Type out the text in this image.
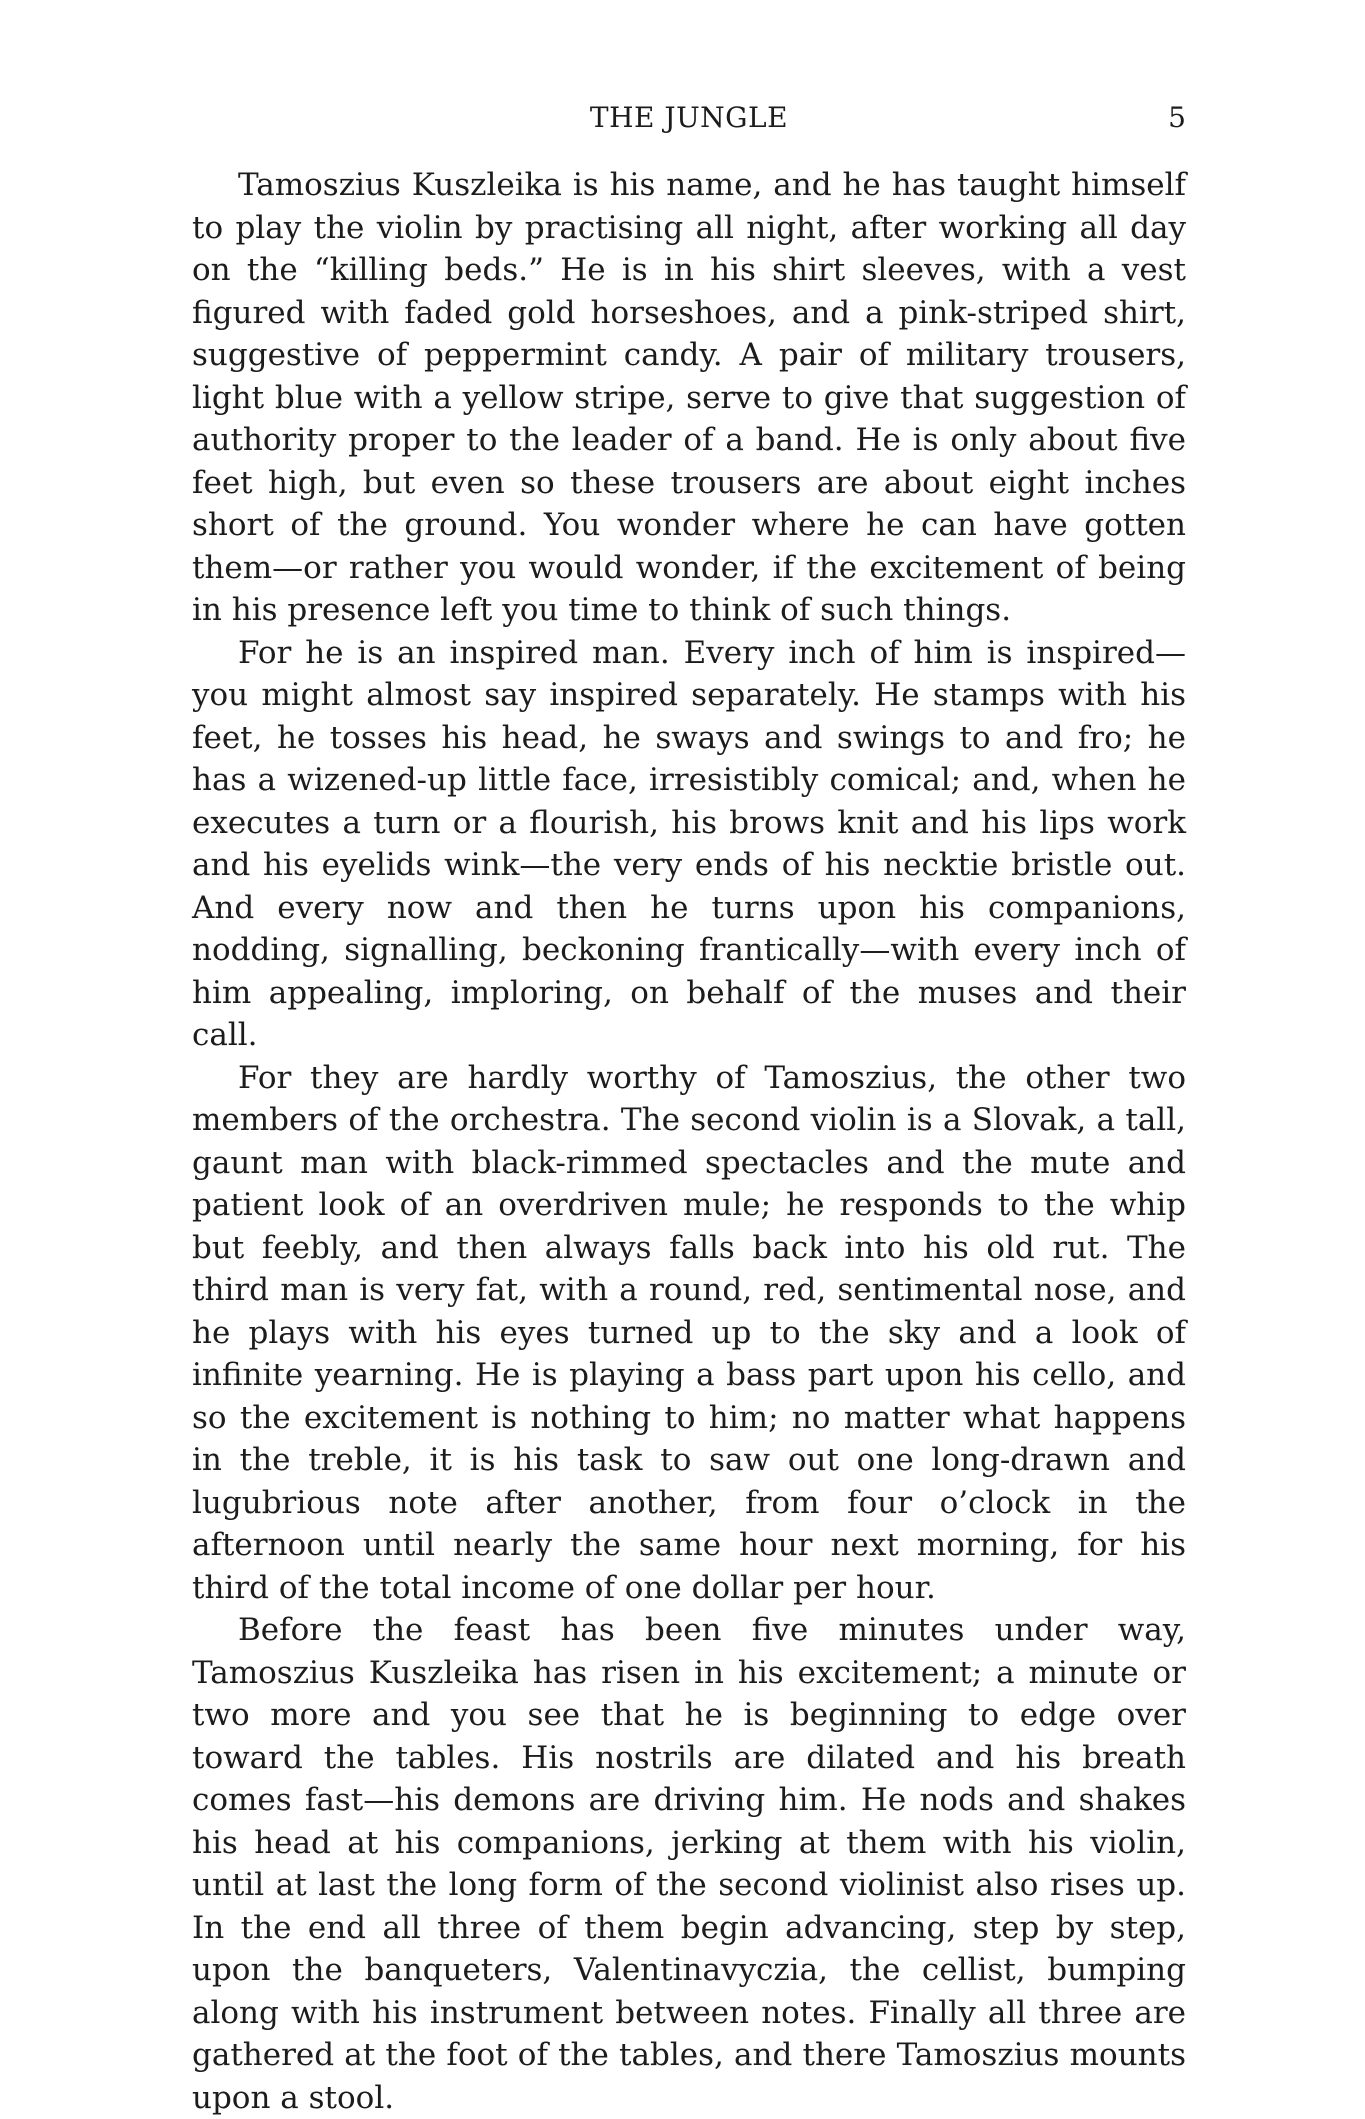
THE JUNGLE	5

Tamoszius Kuszleika is his name, and he has taught himself to play the violin by practising all night, after working all day on the “killing beds.” He is in his shirt sleeves, with a vest figured with faded gold horseshoes, and a pink-striped shirt, suggestive of peppermint candy. A pair of military trousers, light blue with a yellow stripe, serve to give that suggestion of authority proper to the leader of a band. He is only about five feet high, but even so these trousers are about eight inches short of the ground. You wonder where he can have gotten them—or rather you would wonder, if the excitement of being in his presence left you time to think of such things.

For he is an inspired man. Every inch of him is inspired—you might almost say inspired separately. He stamps with his feet, he tosses his head, he sways and swings to and fro; he has a wizened-up little face, irresistibly comical; and, when he executes a turn or a flourish, his brows knit and his lips work and his eyelids wink—the very ends of his necktie bristle out. And every now and then he turns upon his companions, nodding, signalling, beckoning frantically—with every inch of him appealing, imploring, on behalf of the muses and their call.

For they are hardly worthy of Tamoszius, the other two members of the orchestra. The second violin is a Slovak, a tall, gaunt man with black-rimmed spectacles and the mute and patient look of an overdriven mule; he responds to the whip but feebly, and then always falls back into his old rut. The third man is very fat, with a round, red, sentimental nose, and he plays with his eyes turned up to the sky and a look of infinite yearning. He is playing a bass part upon his cello, and so the excitement is nothing to him; no matter what happens in the treble, it is his task to saw out one long-drawn and lugubrious note after another, from four o’clock in the afternoon until nearly the same hour next morning, for his third of the total income of one dollar per hour.

Before the feast has been five minutes under way, Tamoszius Kuszleika has risen in his excitement; a minute or two more and you see that he is beginning to edge over toward the tables. His nostrils are dilated and his breath comes fast—his demons are driving him. He nods and shakes his head at his companions, jerking at them with his violin, until at last the long form of the second violinist also rises up. In the end all three of them begin advancing, step by step, upon the banqueters, Valentinavyczia, the cellist, bumping along with his instrument between notes. Finally all three are gathered at the foot of the tables, and there Tamoszius mounts upon a stool.
